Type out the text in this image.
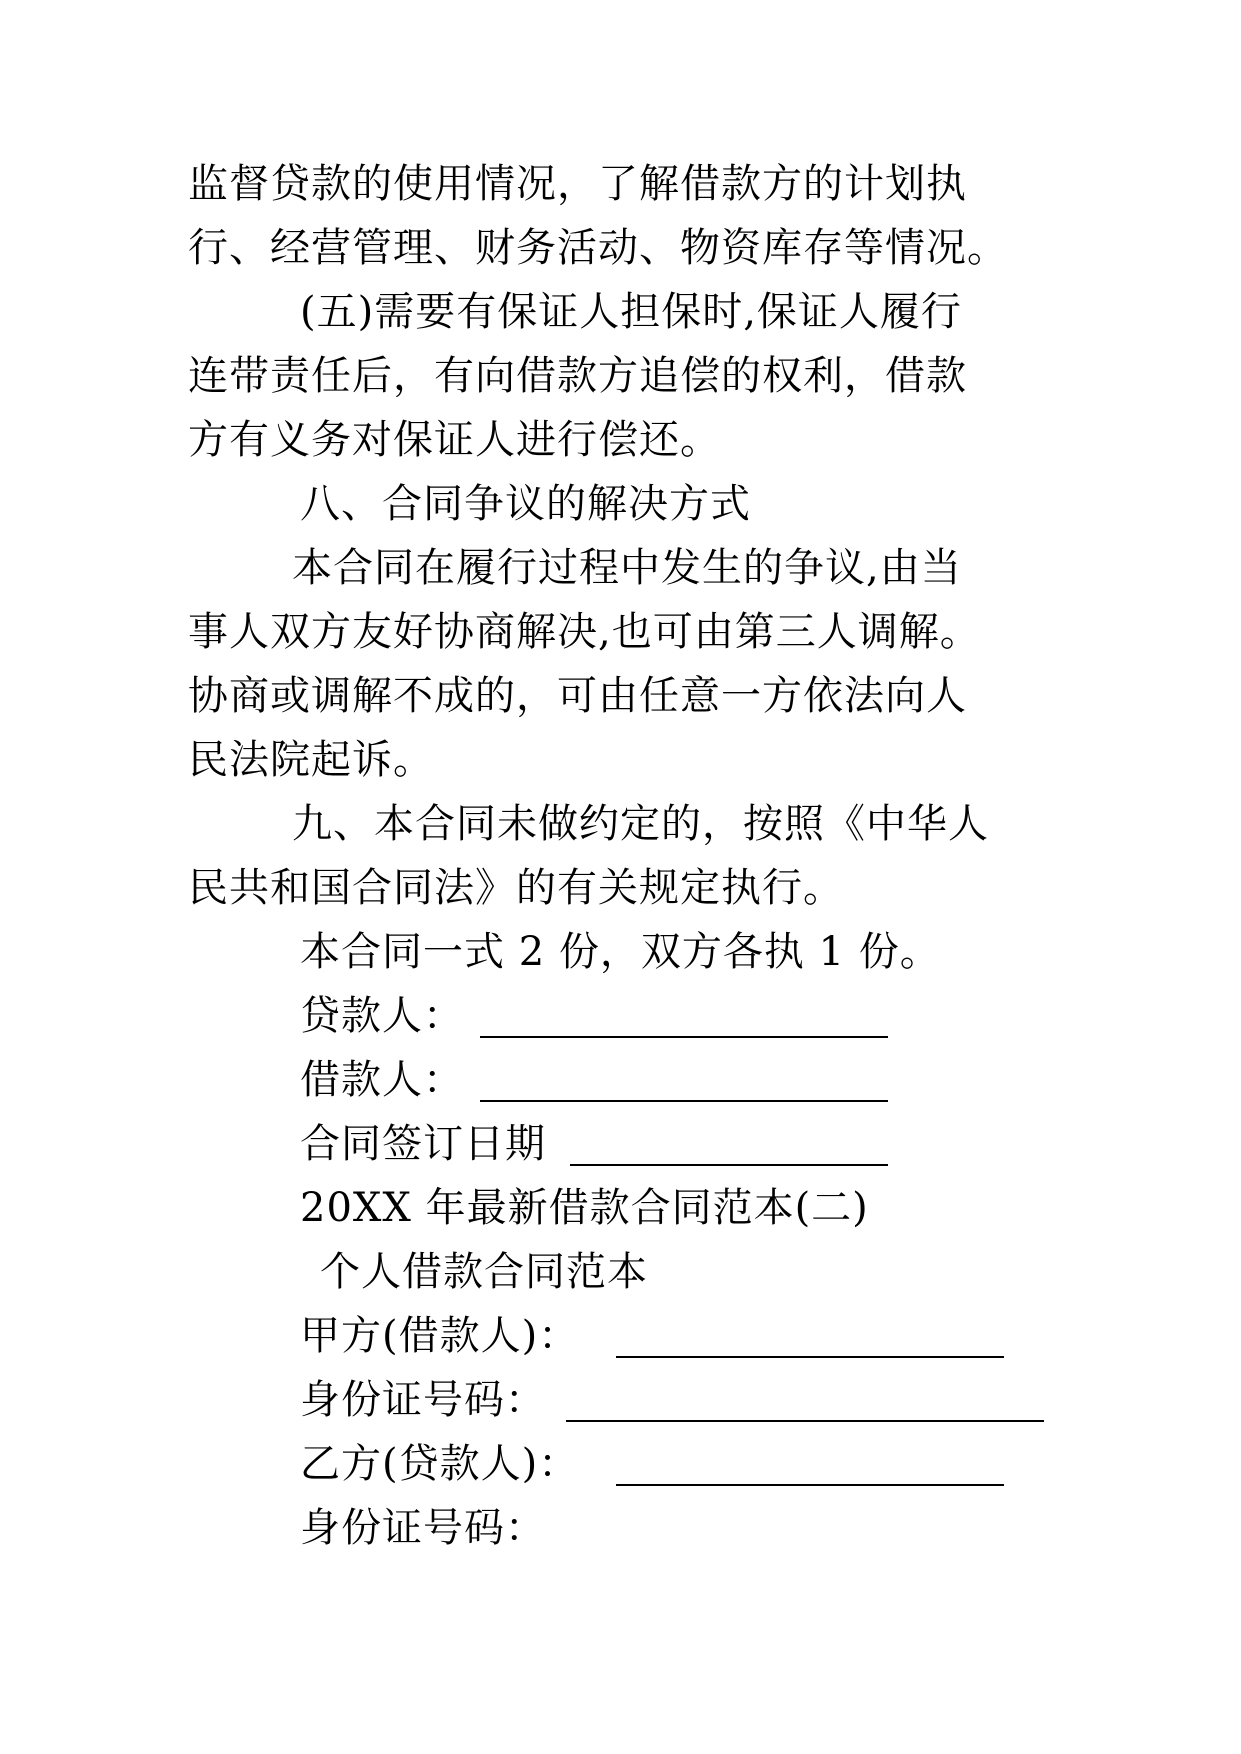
监督贷款的使用情况，了解借款方的计划执
行、经营管理、财务活动、物资库存等情况。
(五)需要有保证人担保时,保证人履行
连带责任后，有向借款方追偿的权利，借款
方有义务对保证人进行偿还。
八、合同争议的解决方式
本合同在履行过程中发生的争议,由当
事人双方友好协商解决,也可由第三人调解。
协商或调解不成的，可由任意一方依法向人
民法院起诉。
九、本合同未做约定的，按照《中华人
民共和国合同法》的有关规定执行。
本合同一式 2 份，双方各执 1 份。
贷款人：
借款人：
合同签订日期
20XX 年最新借款合同范本(二)
个人借款合同范本
甲方(借款人)：
身份证号码：
乙方(贷款人)：
身份证号码：
